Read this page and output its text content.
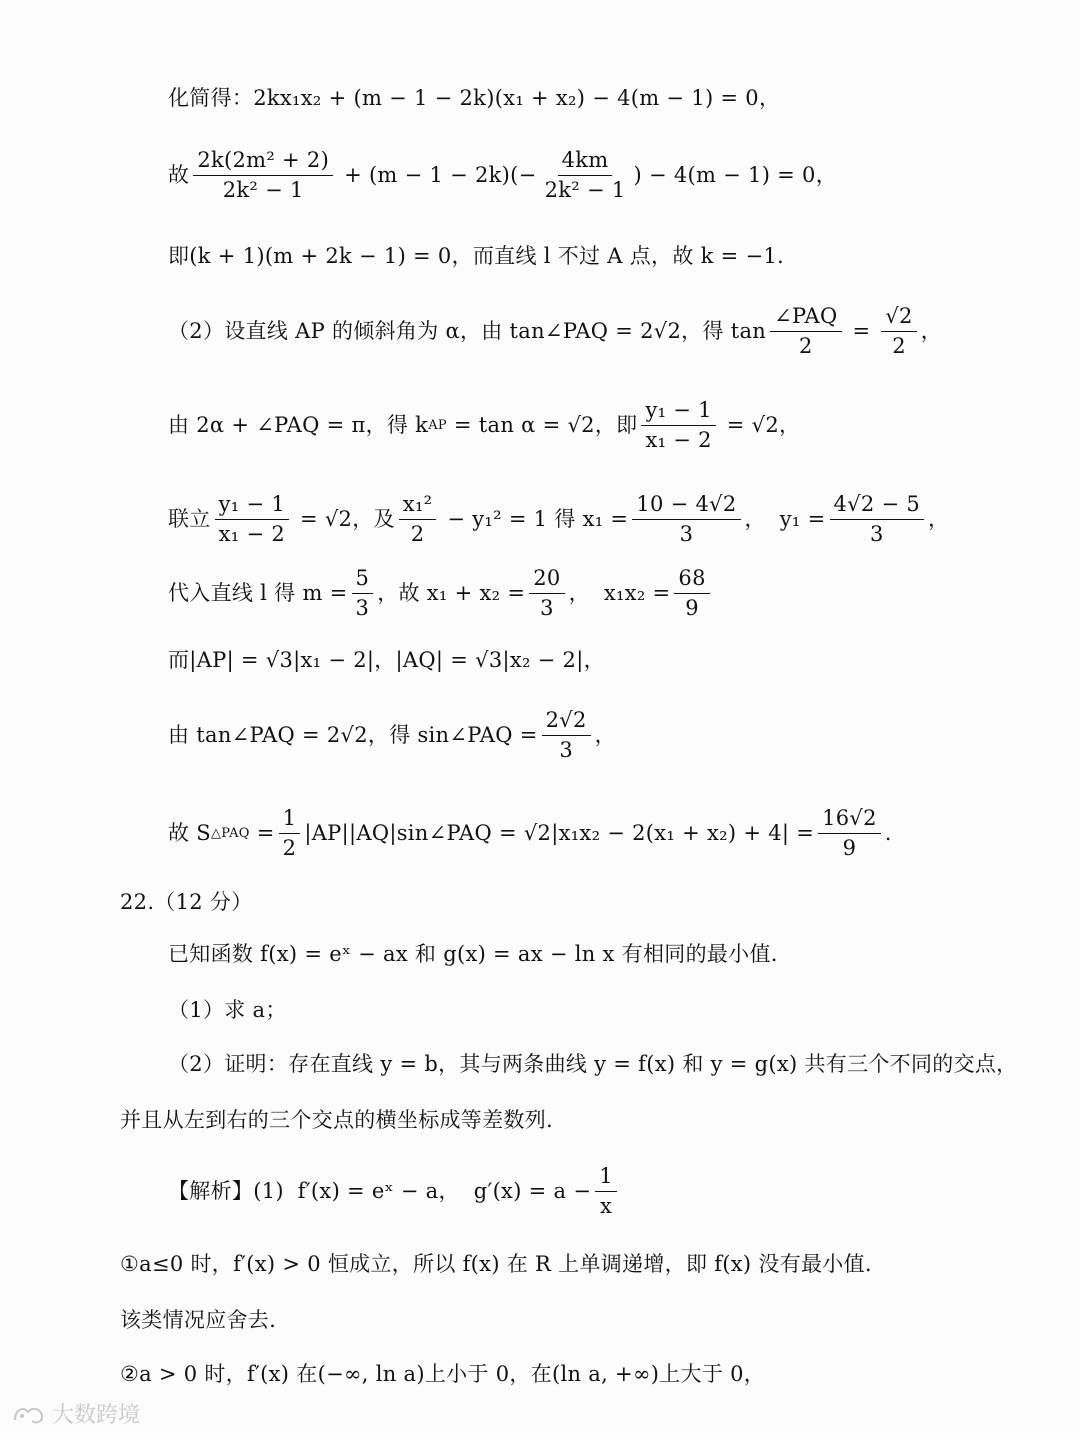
化简得：2kx₁x₂ + (m − 1 − 2k)(x₁ + x₂) − 4(m − 1) = 0，
故 $\frac{\text{2k(2m² + 2)}}{\text{2k² − 1}} + (m - 1 - 2k)(- \frac{4km}{\text{2k² − 1}}$ ) − 4(m − 1) = 0，
即(k + 1)(m + 2k − 1) = 0，而直线 l 不过 A 点，故 k = −1.
（2）设直线 AP 的倾斜角为 α，由 tan∠PAQ = 2√2，得 $\tan \frac{\text{∠PAQ}}{2} = \frac{√2}{2}$ ，
由 2α + ∠PAQ = π，得 k AP = tan α = √2，即 $\frac{\text{y₁ − 1}}{\text{x₁ − 2}} = √2$，
联立 $\frac{\text{y₁ − 1}}{\text{x₁ − 2}} = √2$，及 $\frac{\text{x₁²}}{2} - y_1^2 = 1$ 得 $x_1 = \frac{10 - 4√2}{3}$ ，  $y_1 = \frac{4√2 - 5}{3}$ ，
代入直线 l 得 $m = \frac{5}{3}$ ，故 $x_1 + x_2 = \frac{20}{3}$ ，  $x_1x_2 = \frac{68}{9}$
而|AP| = √3|x₁ − 2|，|AQ| = √3|x₂ − 2|，
由 tan∠PAQ = 2√2，得 sin∠PAQ = $\frac{2√2}{3}$ ，
故 S △PAQ = $\frac{1}{2}$ |AP||AQ|sin∠PAQ = $√2|x_1x_2 - 2(x_1 + x_2) + 4| = \frac{16√2}{9}$ .
22.（12 分）
已知函数 f(x) = eˣ − ax 和 g(x) = ax − ln x 有相同的最小值.
（1）求 a；
（2）证明：存在直线 y = b，其与两条曲线 y = f(x) 和 y = g(x) 共有三个不同的交点，
并且从左到右的三个交点的横坐标成等差数列.
【解析】(1)  f′(x) = eˣ − a，  $g'(x) = a - \frac{1}{x}$
①a≤0 时，f′(x) > 0 恒成立，所以 f(x) 在 R 上单调递增，即 f(x) 没有最小值.
该类情况应舍去.
②a > 0 时，f′(x) 在(−∞, ln a)上小于 0，在(ln a, +∞)上大于 0，
大数跨境
